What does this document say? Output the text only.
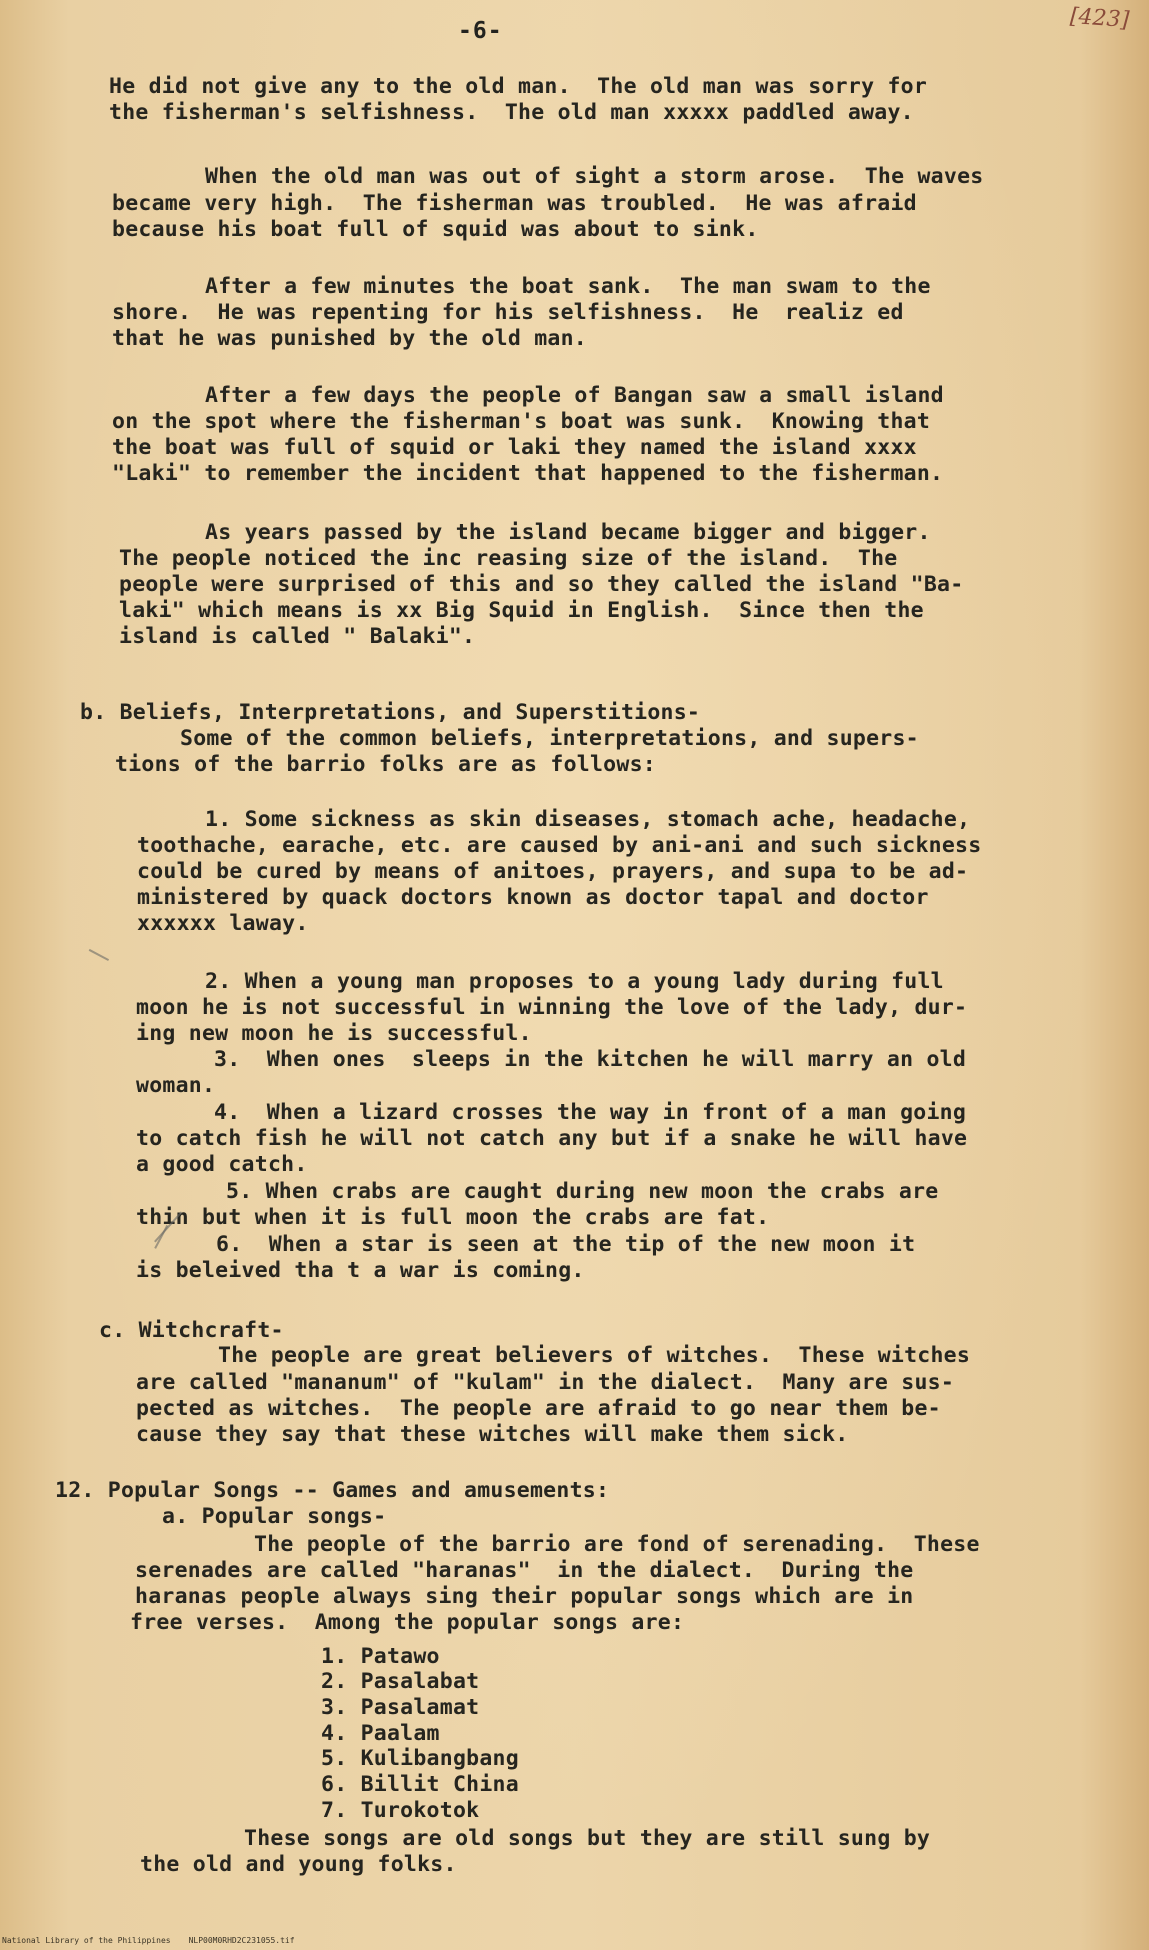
-6-	[423]
He did not give any to the old man.  The old man was sorry for
the fisherman's selfishness.  The old man xxxxx paddled away.
When the old man was out of sight a storm arose.  The waves
became very high.  The fisherman was troubled.  He was afraid
because his boat full of squid was about to sink.
After a few minutes the boat sank.  The man swam to the
shore.  He was repenting for his selfishness.  He  realiz ed
that he was punished by the old man.
After a few days the people of Bangan saw a small island
on the spot where the fisherman's boat was sunk.  Knowing that
the boat was full of squid or laki they named the island xxxx
"Laki" to remember the incident that happened to the fisherman.
As years passed by the island became bigger and bigger.
The people noticed the inc reasing size of the island.  The
people were surprised of this and so they called the island "Ba-
laki" which means is xx Big Squid in English.  Since then the
island is called " Balaki".
b. Beliefs, Interpretations, and Superstitions-
Some of the common beliefs, interpretations, and supers-
tions of the barrio folks are as follows:
1. Some sickness as skin diseases, stomach ache, headache,
toothache, earache, etc. are caused by ani-ani and such sickness
could be cured by means of anitoes, prayers, and supa to be ad-
ministered by quack doctors known as doctor tapal and doctor
xxxxxx laway.
2. When a young man proposes to a young lady during full
moon he is not successful in winning the love of the lady, dur-
ing new moon he is successful.
3.  When ones  sleeps in the kitchen he will marry an old
woman.
4.  When a lizard crosses the way in front of a man going
to catch fish he will not catch any but if a snake he will have
a good catch.
5. When crabs are caught during new moon the crabs are
thin but when it is full moon the crabs are fat.
6.  When a star is seen at the tip of the new moon it
is beleived tha t a war is coming.
c. Witchcraft-
The people are great believers of witches.  These witches
are called "mananum" of "kulam" in the dialect.  Many are sus-
pected as witches.  The people are afraid to go near them be-
cause they say that these witches will make them sick.
12. Popular Songs -- Games and amusements:
a. Popular songs-
The people of the barrio are fond of serenading.  These
serenades are called "haranas"  in the dialect.  During the
haranas people always sing their popular songs which are in
free verses.  Among the popular songs are:
1. Patawo
2. Pasalabat
3. Pasalamat
4. Paalam
5. Kulibangbang
6. Billit China
7. Turokotok
These songs are old songs but they are still sung by
the old and young folks.
National Library of the Philippines NLP00M0RHD2C231055.tif
